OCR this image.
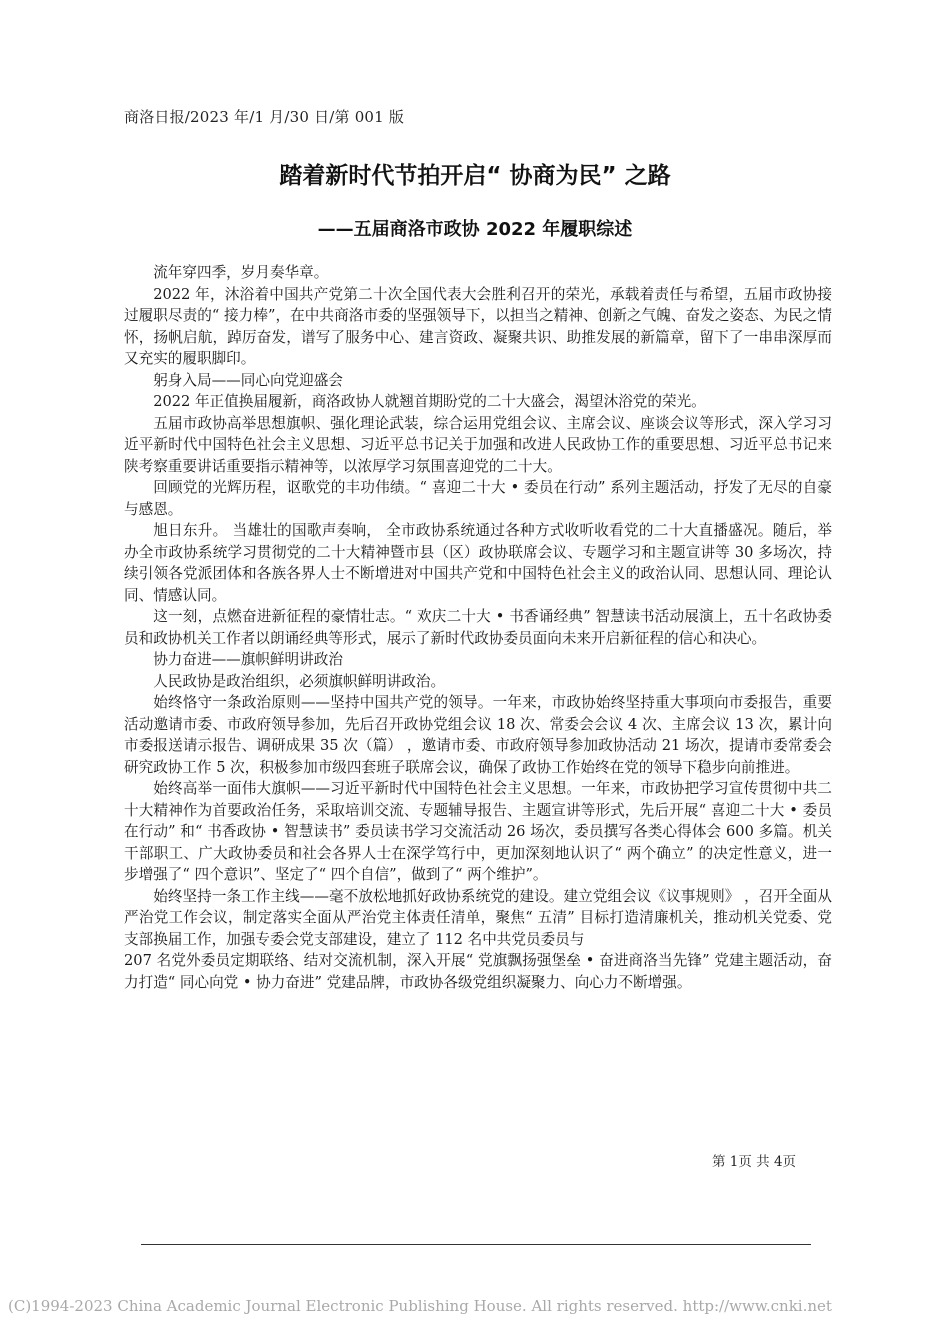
商洛日报/2023 年/1 月/30 日/第 001 版
踏着新时代节拍开启“ 协商为民” 之路
——五届商洛市政协 2022 年履职综述

流年穿四季，岁月奏华章。

2022 年，沐浴着中国共产党第二十次全国代表大会胜利召开的荣光，承载着责任与希望，五届市政协接过履职尽责的“ 接力棒”，在中共商洛市委的坚强领导下，以担当之精神、创新之气魄、奋发之姿态、为民之情怀，扬帆启航，踔厉奋发，谱写了服务中心、建言资政、凝聚共识、助推发展的新篇章，留下了一串串深厚而又充实的履职脚印。

躬身入局——同心向党迎盛会

2022 年正值换届履新，商洛政协人就翘首期盼党的二十大盛会，渴望沐浴党的荣光。

五届市政协高举思想旗帜、强化理论武装，综合运用党组会议、主席会议、座谈会议等形式，深入学习习近平新时代中国特色社会主义思想、习近平总书记关于加强和改进人民政协工作的重要思想、习近平总书记来陕考察重要讲话重要指示精神等，以浓厚学习氛围喜迎党的二十大。

回顾党的光辉历程，讴歌党的丰功伟绩。“ 喜迎二十大 • 委员在行动” 系列主题活动，抒发了无尽的自豪与感恩。

旭日东升。 当雄壮的国歌声奏响， 全市政协系统通过各种方式收听收看党的二十大直播盛况。随后，举办全市政协系统学习贯彻党的二十大精神暨市县（区）政协联席会议、专题学习和主题宣讲等 30 多场次，持续引领各党派团体和各族各界人士不断增进对中国共产党和中国特色社会主义的政治认同、思想认同、理论认同、情感认同。

这一刻，点燃奋进新征程的豪情壮志。“ 欢庆二十大 • 书香诵经典” 智慧读书活动展演上，五十名政协委员和政协机关工作者以朗诵经典等形式，展示了新时代政协委员面向未来开启新征程的信心和决心。

协力奋进——旗帜鲜明讲政治

人民政协是政治组织，必须旗帜鲜明讲政治。

始终恪守一条政治原则——坚持中国共产党的领导。一年来，市政协始终坚持重大事项向市委报告，重要活动邀请市委、市政府领导参加，先后召开政协党组会议 18 次、常委会会议 4 次、主席会议 13 次，累计向市委报送请示报告、调研成果 35 次（篇） ，邀请市委、市政府领导参加政协活动 21 场次，提请市委常委会研究政协工作 5 次，积极参加市级四套班子联席会议，确保了政协工作始终在党的领导下稳步向前推进。

始终高举一面伟大旗帜——习近平新时代中国特色社会主义思想。一年来，市政协把学习宣传贯彻中共二十大精神作为首要政治任务，采取培训交流、专题辅导报告、主题宣讲等形式，先后开展“ 喜迎二十大 • 委员在行动” 和“ 书香政协 • 智慧读书” 委员读书学习交流活动 26 场次，委员撰写各类心得体会 600 多篇。机关干部职工、广大政协委员和社会各界人士在深学笃行中，更加深刻地认识了“ 两个确立” 的决定性意义，进一步增强了“ 四个意识”、坚定了“ 四个自信”，做到了“ 两个维护”。

始终坚持一条工作主线——毫不放松地抓好政协系统党的建设。建立党组会议《议事规则》 ，召开全面从严治党工作会议，制定落实全面从严治党主体责任清单，聚焦“ 五清” 目标打造清廉机关，推动机关党委、党支部换届工作，加强专委会党支部建设，建立了 112 名中共党员委员与

207 名党外委员定期联络、结对交流机制，深入开展“ 党旗飘扬强堡垒 • 奋进商洛当先锋” 党建主题活动，奋力打造“ 同心向党 • 协力奋进” 党建品牌，市政协各级党组织凝聚力、向心力不断增强。

第 1页 共 4页
(C)1994-2023 China Academic Journal Electronic Publishing House. All rights reserved. http://www.cnki.net
